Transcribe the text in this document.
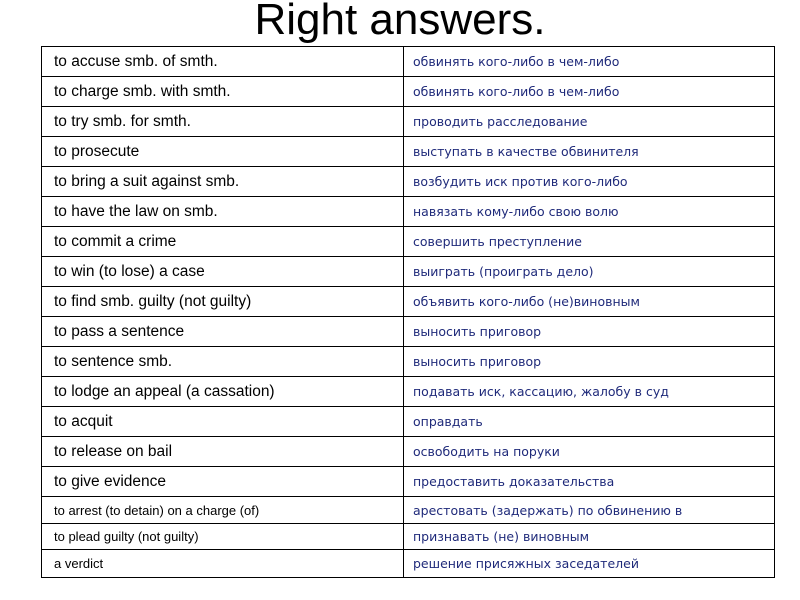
Right answers.
to accuse smb. of smth.	обвинять кого-либо в чем-либо
to charge smb. with smth.	обвинять кого-либо в чем-либо
to try smb. for smth.	проводить расследование
to prosecute	выступать в качестве обвинителя
to bring a suit against smb.	возбудить иск против кого-либо
to have the law on smb.	навязать кому-либо свою волю
to commit a crime	совершить преступление
to win (to lose) a case	выиграть (проиграть дело)
to find smb. guilty (not guilty)	объявить кого-либо (не)виновным
to pass a sentence	выносить приговор
to sentence smb.	выносить приговор
to lodge an appeal (a cassation)	подавать иск, кассацию, жалобу в суд
to acquit	оправдать
to release on bail	освободить на поруки
to give evidence	предоставить доказательства
to arrest (to detain) on a charge (of)	арестовать (задержать) по обвинению в
to plead guilty (not guilty)	признавать (не) виновным
a verdict	решение присяжных заседателей
